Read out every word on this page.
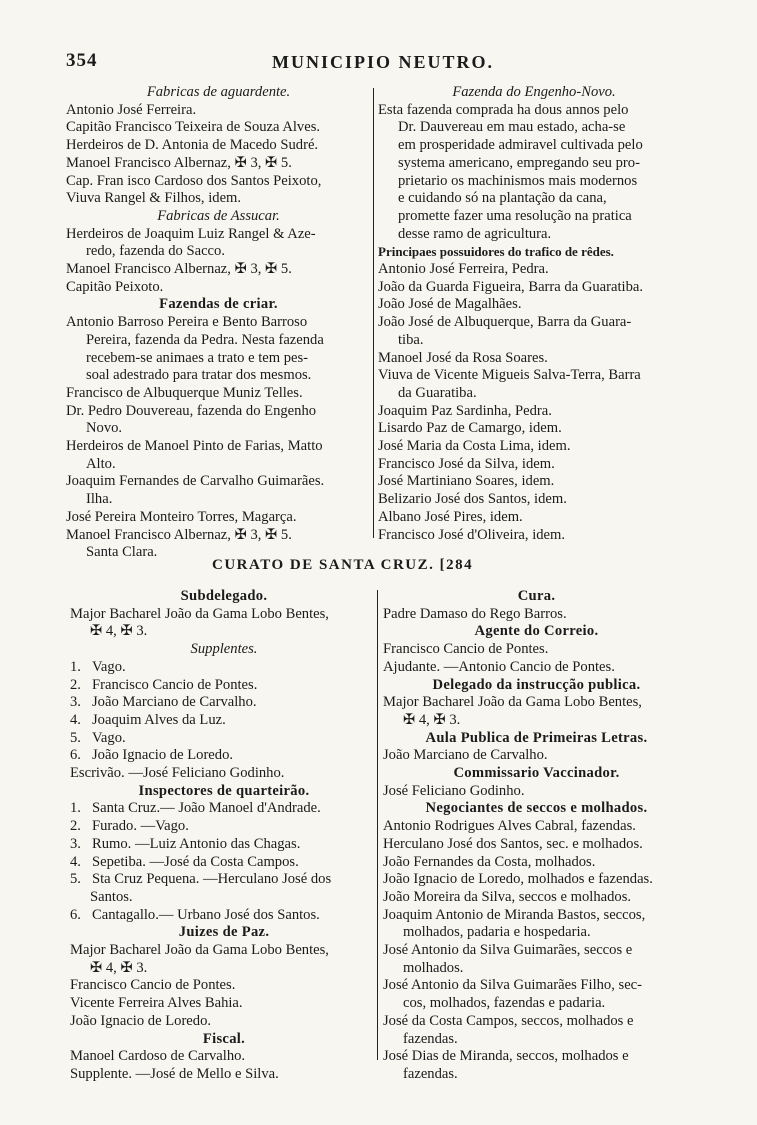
354	MUNICIPIO NEUTRO.
Fabricas de aguardente.
Antonio José Ferreira.
Capitão Francisco Teixeira de Souza Alves.
Herdeiros de D. Antonia de Macedo Sudré.
Manoel Francisco Albernaz, ✠ 3, ✠ 5.
Cap. Fran isco Cardoso dos Santos Peixoto,
Viuva Rangel & Filhos, idem.
Fabricas de Assucar.
Herdeiros de Joaquim Luiz Rangel & Aze-
redo, fazenda do Sacco.
Manoel Francisco Albernaz, ✠ 3, ✠ 5.
Capitão Peixoto.
Fazendas de criar.
Antonio Barroso Pereira e Bento Barroso
Pereira, fazenda da Pedra. Nesta fazenda
recebem-se animaes a trato e tem pes-
soal adestrado para tratar dos mesmos.
Francisco de Albuquerque Muniz Telles.
Dr. Pedro Douvereau, fazenda do Engenho
Novo.
Herdeiros de Manoel Pinto de Farias, Matto
Alto.
Joaquim Fernandes de Carvalho Guimarães.
Ilha.
José Pereira Monteiro Torres, Magarça.
Manoel Francisco Albernaz, ✠ 3, ✠ 5.
Santa Clara.
Fazenda do Engenho-Novo.
Esta fazenda comprada ha dous annos pelo
Dr. Dauvereau em mau estado, acha-se
em prosperidade admiravel cultivada pelo
systema americano, empregando seu pro-
prietario os machinismos mais modernos
e cuidando só na plantação da cana,
promette fazer uma resolução na pratica
desse ramo de agricultura.
Principaes possuidores do trafico de rêdes.
Antonio José Ferreira, Pedra.
João da Guarda Figueira, Barra da Guaratiba.
João José de Magalhães.
João José de Albuquerque, Barra da Guara-
tiba.
Manoel José da Rosa Soares.
Viuva de Vicente Migueis Salva-Terra, Barra
da Guaratiba.
Joaquim Paz Sardinha, Pedra.
Lisardo Paz de Camargo, idem.
José Maria da Costa Lima, idem.
Francisco José da Silva, idem.
José Martiniano Soares, idem.
Belizario José dos Santos, idem.
Albano José Pires, idem.
Francisco José d'Oliveira, idem.
CURATO DE SANTA CRUZ. [284
Subdelegado.
Major Bacharel João da Gama Lobo Bentes,
✠ 4, ✠ 3.
Supplentes.
1. Vago.
2. Francisco Cancio de Pontes.
3. João Marciano de Carvalho.
4. Joaquim Alves da Luz.
5. Vago.
6. João Ignacio de Loredo.
Escrivão. —José Feliciano Godinho.
Inspectores de quarteirão.
1. Santa Cruz.— João Manoel d'Andrade.
2. Furado. —Vago.
3. Rumo. —Luiz Antonio das Chagas.
4. Sepetiba. —José da Costa Campos.
5. Sta Cruz Pequena. —Herculano José dos
Santos.
6. Cantagallo.— Urbano José dos Santos.
Juizes de Paz.
Major Bacharel João da Gama Lobo Bentes,
✠ 4, ✠ 3.
Francisco Cancio de Pontes.
Vicente Ferreira Alves Bahia.
João Ignacio de Loredo.
Fiscal.
Manoel Cardoso de Carvalho.
Supplente. —José de Mello e Silva.
Cura.
Padre Damaso do Rego Barros.
Agente do Correio.
Francisco Cancio de Pontes.
Ajudante. —Antonio Cancio de Pontes.
Delegado da instrucção publica.
Major Bacharel João da Gama Lobo Bentes,
✠ 4, ✠ 3.
Aula Publica de Primeiras Letras.
João Marciano de Carvalho.
Commissario Vaccinador.
José Feliciano Godinho.
Negociantes de seccos e molhados.
Antonio Rodrigues Alves Cabral, fazendas.
Herculano José dos Santos, sec. e molhados.
João Fernandes da Costa, molhados.
João Ignacio de Loredo, molhados e fazendas.
João Moreira da Silva, seccos e molhados.
Joaquim Antonio de Miranda Bastos, seccos,
molhados, padaria e hospedaria.
José Antonio da Silva Guimarães, seccos e
molhados.
José Antonio da Silva Guimarães Filho, sec-
cos, molhados, fazendas e padaria.
José da Costa Campos, seccos, molhados e
fazendas.
José Dias de Miranda, seccos, molhados e
fazendas.
